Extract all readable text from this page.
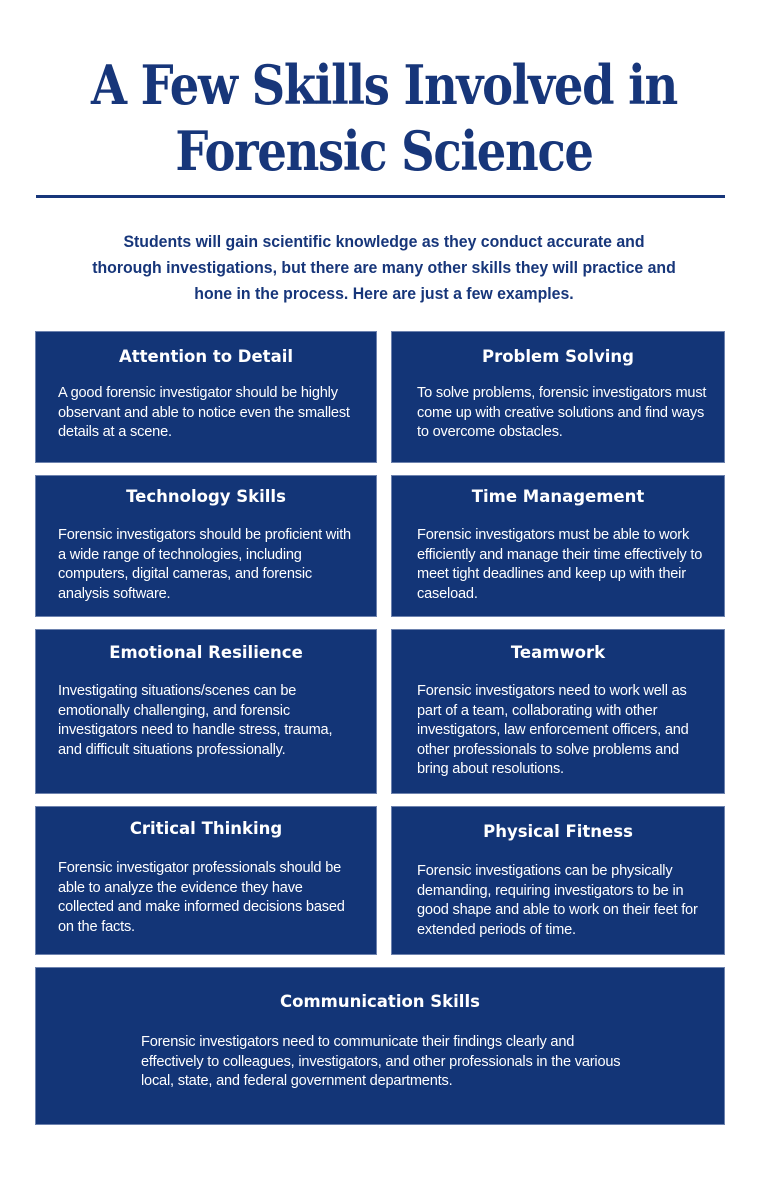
A Few Skills Involved in
Forensic Science
Students will gain scientific knowledge as they conduct accurate and thorough investigations, but there are many other skills they will practice and hone in the process. Here are just a few examples.
Attention to Detail

A good forensic investigator should be highly observant and able to notice even the smallest details at a scene.

Problem Solving

To solve problems, forensic investigators must come up with creative solutions and find ways to overcome obstacles.

Technology Skills

Forensic investigators should be proficient with a wide range of technologies, including computers, digital cameras, and forensic analysis software.

Time Management

Forensic investigators must be able to work efficiently and manage their time effectively to meet tight deadlines and keep up with their caseload.

Emotional Resilience

Investigating situations/scenes can be emotionally challenging, and forensic investigators need to handle stress, trauma, and difficult situations professionally.

Teamwork

Forensic investigators need to work well as part of a team, collaborating with other investigators, law enforcement officers, and other professionals to solve problems and bring about resolutions.

Critical Thinking

Forensic investigator professionals should be able to analyze the evidence they have collected and make informed decisions based on the facts.

Physical Fitness

Forensic investigations can be physically demanding, requiring investigators to be in good shape and able to work on their feet for extended periods of time.

Communication Skills

Forensic investigators need to communicate their findings clearly and effectively to colleagues, investigators, and other professionals in the various local, state, and federal government departments.
